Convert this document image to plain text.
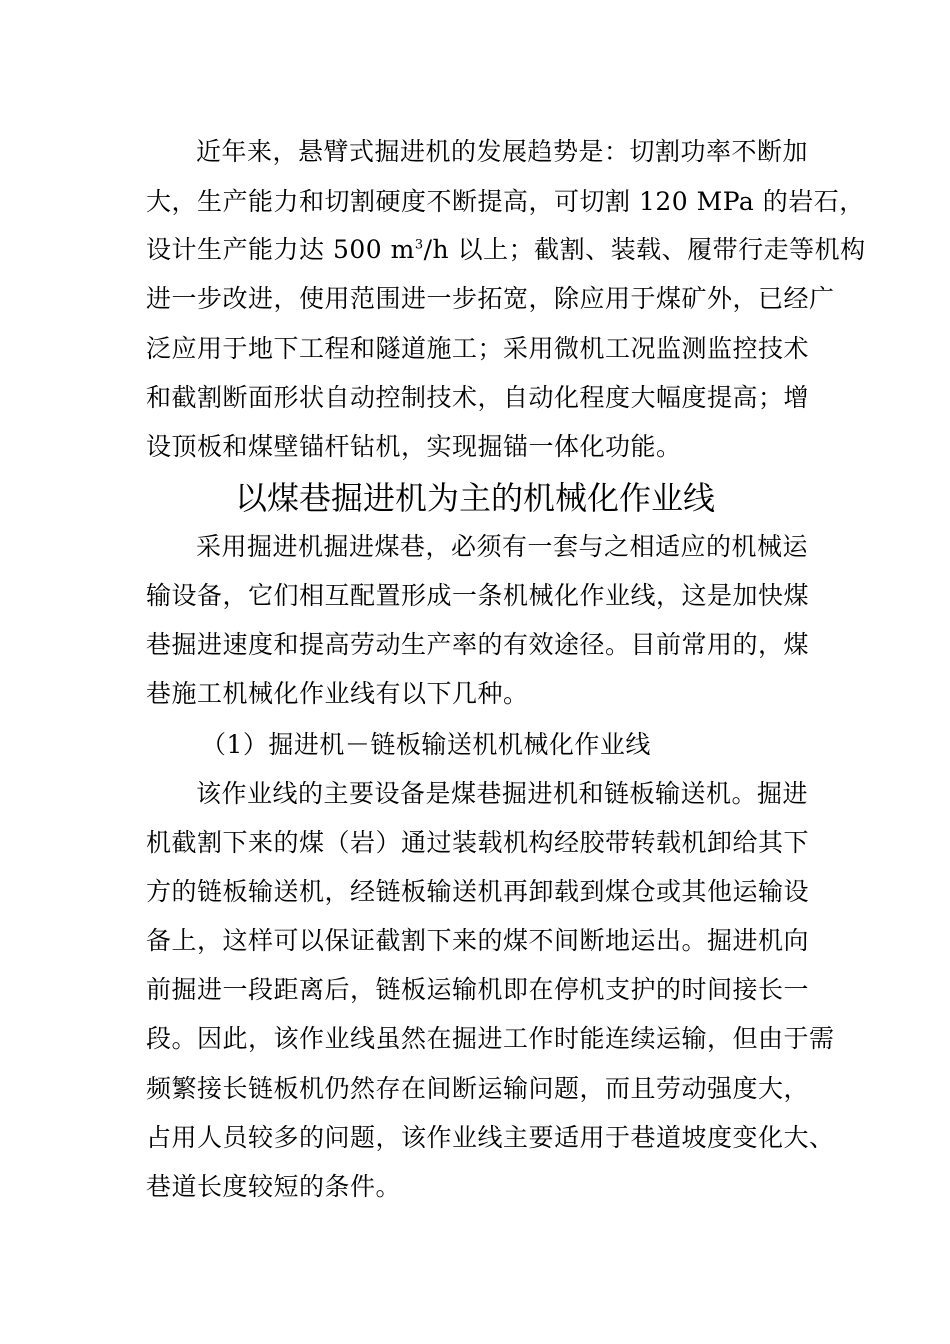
近年来，悬臂式掘进机的发展趋势是：切割功率不断加
大，生产能力和切割硬度不断提高，可切割 120 MPa 的岩石，
设计生产能力达 500 $m^3/h$ 以上；截割、装载、履带行走等机构
进一步改进，使用范围进一步拓宽，除应用于煤矿外，已经广
泛应用于地下工程和隧道施工；采用微机工况监测监控技术
和截割断面形状自动控制技术，自动化程度大幅度提高；增
设顶板和煤壁锚杆钻机，实现掘锚一体化功能。
以煤巷掘进机为主的机械化作业线
采用掘进机掘进煤巷，必须有一套与之相适应的机械运
输设备，它们相互配置形成一条机械化作业线，这是加快煤
巷掘进速度和提高劳动生产率的有效途径。目前常用的，煤
巷施工机械化作业线有以下几种。
（1）掘进机－链板输送机机械化作业线
该作业线的主要设备是煤巷掘进机和链板输送机。掘进
机截割下来的煤（岩）通过装载机构经胶带转载机卸给其下
方的链板输送机，经链板输送机再卸载到煤仓或其他运输设
备上，这样可以保证截割下来的煤不间断地运出。掘进机向
前掘进一段距离后，链板运输机即在停机支护的时间接长一
段。因此，该作业线虽然在掘进工作时能连续运输，但由于需
频繁接长链板机仍然存在间断运输问题，而且劳动强度大，
占用人员较多的问题，该作业线主要适用于巷道坡度变化大、
巷道长度较短的条件。
